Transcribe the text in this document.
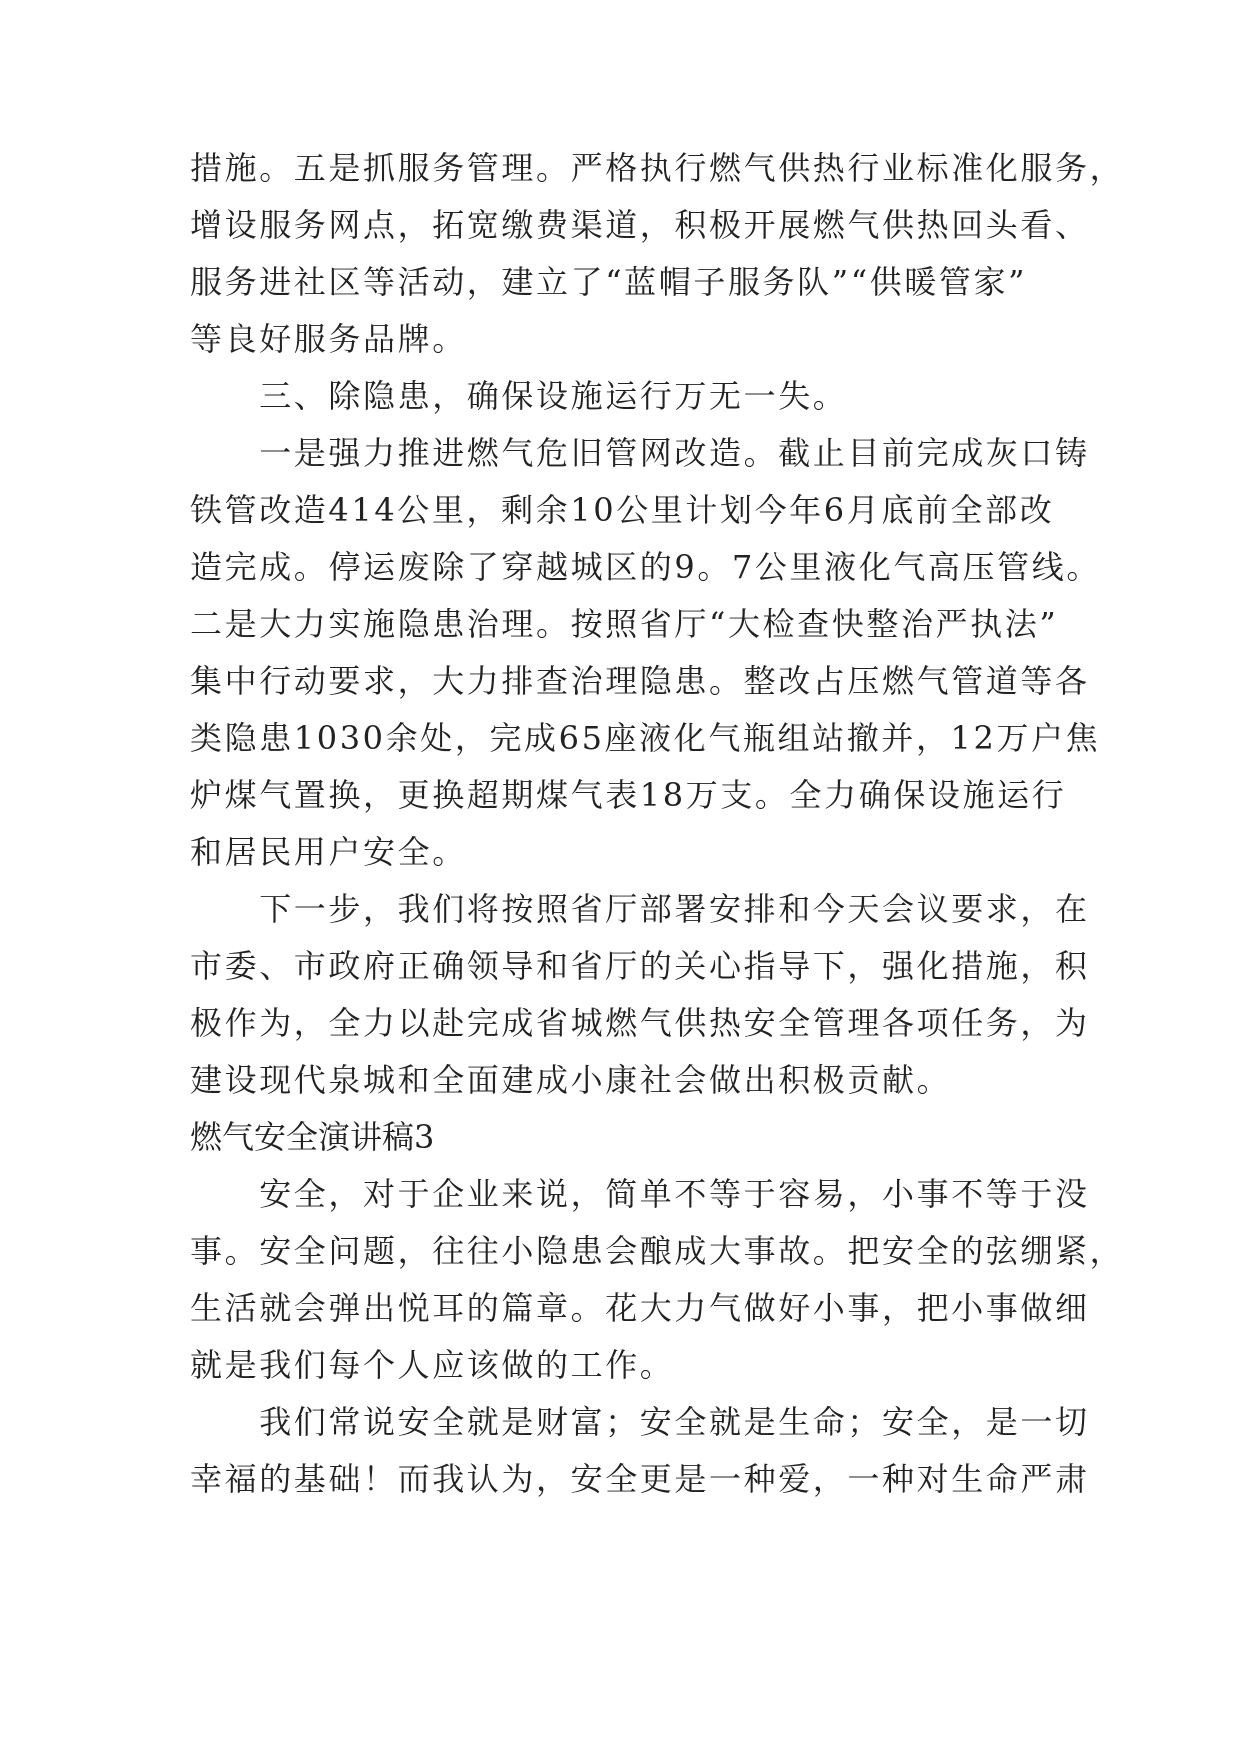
措施。五是抓服务管理。严格执行燃气供热行业标准化服务，
增设服务网点，拓宽缴费渠道，积极开展燃气供热回头看、
服务进社区等活动，建立了“蓝帽子服务队”“供暖管家”
等良好服务品牌。
　　三、除隐患，确保设施运行万无一失。
　　一是强力推进燃气危旧管网改造。截止目前完成灰口铸
铁管改造414公里，剩余10公里计划今年6月底前全部改
造完成。停运废除了穿越城区的9。7公里液化气高压管线。
二是大力实施隐患治理。按照省厅“大检查快整治严执法”
集中行动要求，大力排查治理隐患。整改占压燃气管道等各
类隐患1030余处，完成65座液化气瓶组站撤并，12万户焦
炉煤气置换，更换超期煤气表18万支。全力确保设施运行
和居民用户安全。
　　下一步，我们将按照省厅部署安排和今天会议要求，在
市委、市政府正确领导和省厅的关心指导下，强化措施，积
极作为，全力以赴完成省城燃气供热安全管理各项任务，为
建设现代泉城和全面建成小康社会做出积极贡献。
燃气安全演讲稿3
　　安全，对于企业来说，简单不等于容易，小事不等于没
事。安全问题，往往小隐患会酿成大事故。把安全的弦绷紧，
生活就会弹出悦耳的篇章。花大力气做好小事，把小事做细
就是我们每个人应该做的工作。
　　我们常说安全就是财富；安全就是生命；安全，是一切
幸福的基础！而我认为，安全更是一种爱，一种对生命严肃
